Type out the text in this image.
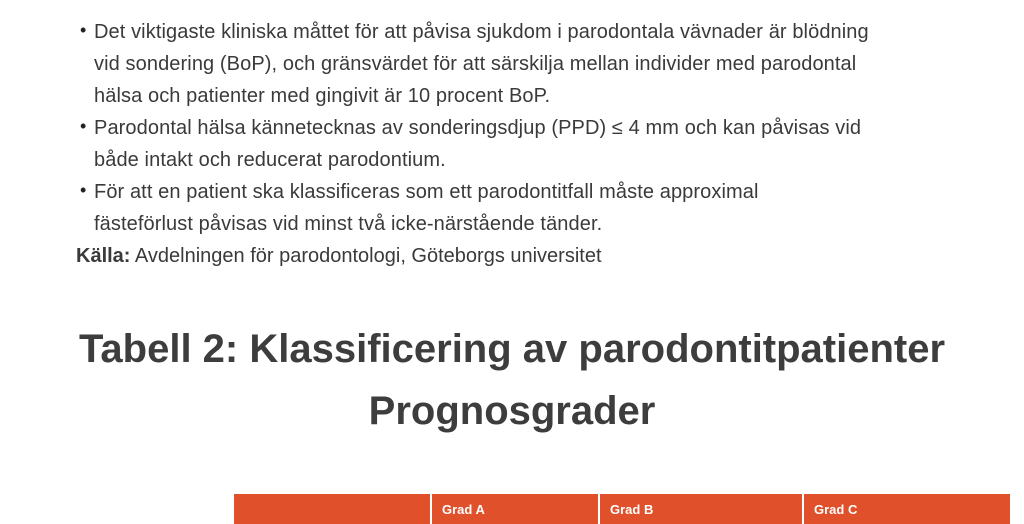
• Det viktigaste kliniska måttet för att påvisa sjukdom i parodontala vävnader är blödning
vid sondering (BoP), och gränsvärdet för att särskilja mellan individer med parodontal
hälsa och patienter med gingivit är 10 procent BoP.
• Parodontal hälsa kännetecknas av sonderingsdjup (PPD) ≤ 4 mm och kan påvisas vid
både intakt och reducerat parodontium.
• För att en patient ska klassificeras som ett parodontitfall måste approximal
fästeförlust påvisas vid minst två icke-närstående tänder.
Källa: Avdelningen för parodontologi, Göteborgs universitet
Tabell 2: Klassificering av parodontitpatienter
Prognosgrader
Grad A	Grad B	Grad C
